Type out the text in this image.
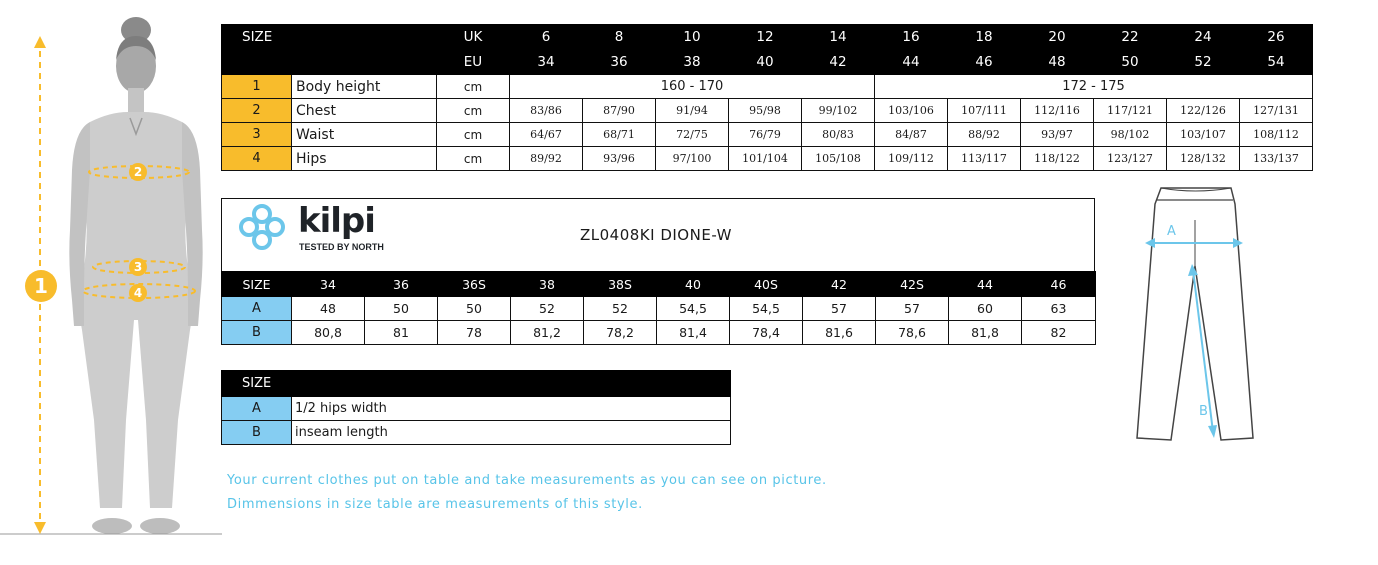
1
2
3
4
SIZE		UK	6	8	10	12	14	16	18	20	22	24	26
		EU	34	36	38	40	42	44	46	48	50	52	54
1	Body height	cm	160 - 170					172 - 175					
2	Chest	cm	83/86	87/90	91/94	95/98	99/102	103/106	107/111	112/116	117/121	122/126	127/131
3	Waist	cm	64/67	68/71	72/75	76/79	80/83	84/87	88/92	93/97	98/102	103/107	108/112
4	Hips	cm	89/92	93/96	97/100	101/104	105/108	109/112	113/117	118/122	123/127	128/132	133/137
kilpi
TESTED BY NORTH
ZL0408KI DIONE-W
SIZE	34	36	36S	38	38S	40	40S	42	42S	44	46
A	48	50	50	52	52	54,5	54,5	57	57	60	63
B	80,8	81	78	81,2	78,2	81,4	78,4	81,6	78,6	81,8	82
SIZE	
A	1/2 hips width
B	inseam length
Your current clothes put on table and take measurements as you can see on picture.
Dimmensions in size table are measurements of this style.
A
B
